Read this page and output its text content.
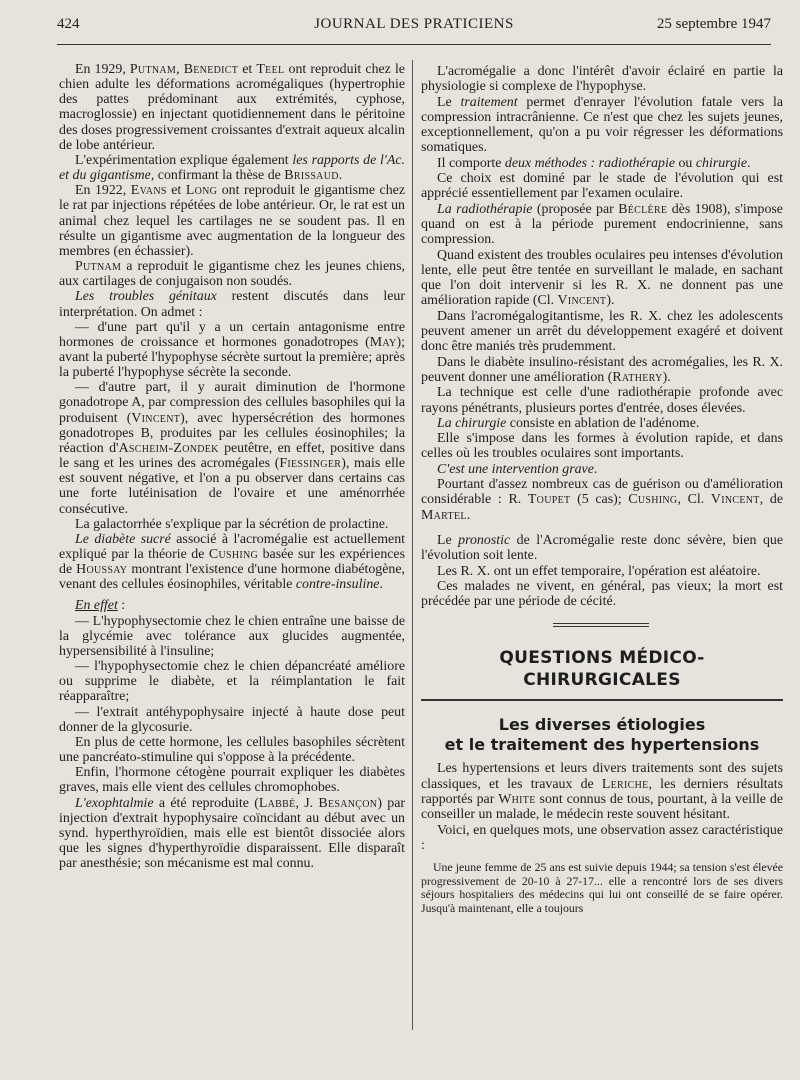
424	JOURNAL DES PRATICIENS	25 septembre 1947

En 1929, Putnam, Benedict et Teel ont reproduit chez le chien adulte les déformations acromégaliques (hypertrophie des pattes prédominant aux extrémités, cyphose, macroglossie) en injectant quotidiennement dans le péritoine des doses progressivement croissantes d'extrait aqueux alcalin de lobe antérieur.

L'expérimentation explique également les rapports de l'Ac. et du gigantisme, confirmant la thèse de Brissaud.

En 1922, Evans et Long ont reproduit le gigantisme chez le rat par injections répétées de lobe antérieur. Or, le rat est un animal chez lequel les cartilages ne se soudent pas. Il en résulte un gigantisme avec augmentation de la longueur des membres (en échassier).

Putnam a reproduit le gigantisme chez les jeunes chiens, aux cartilages de conjugaison non soudés.

Les troubles génitaux restent discutés dans leur interprétation. On admet :

— d'une part qu'il y a un certain antagonisme entre hormones de croissance et hormones gonadotropes (May); avant la puberté l'hypophyse sécrète surtout la première; après la puberté l'hypophyse sécrète la seconde.

— d'autre part, il y aurait diminution de l'hormone gonadotrope A, par compression des cellules basophiles qui la produisent (Vincent), avec hypersécrétion des hormones gonadotropes B, produites par les cellules éosinophiles; la réaction d'Ascheim-Zondek peutêtre, en effet, positive dans le sang et les urines des acromégales (Fiessinger), mais elle est souvent négative, et l'on a pu observer dans certains cas une forte lutéinisation de l'ovaire et une aménorrhée consécutive.

La galactorrhée s'explique par la sécrétion de prolactine.

Le diabète sucré associé à l'acromégalie est actuellement expliqué par la théorie de Cushing basée sur les expériences de Houssay montrant l'existence d'une hormone diabétogène, venant des cellules éosinophiles, véritable contre-insuline.

En effet :

— L'hypophysectomie chez le chien entraîne une baisse de la glycémie avec tolérance aux glucides augmentée, hypersensibilité à l'insuline;

— l'hypophysectomie chez le chien dépancréaté améliore ou supprime le diabète, et la réimplantation le fait réapparaître;

— l'extrait antéhypophysaire injecté à haute dose peut donner de la glycosurie.

En plus de cette hormone, les cellules basophiles sécrètent une pancréato-stimuline qui s'oppose à la précédente.

Enfin, l'hormone cétogène pourrait expliquer les diabètes graves, mais elle vient des cellules chromophobes.

L'exophtalmie a été reproduite (Labbé, J. Besançon) par injection d'extrait hypophysaire coïncidant au début avec un synd. hyperthyroïdien, mais elle est bientôt dissociée alors que les signes d'hyperthyroïdie disparaissent. Elle disparaît par anesthésie; son mécanisme est mal connu.

L'acromégalie a donc l'intérêt d'avoir éclairé en partie la physiologie si complexe de l'hypophyse.

Le traitement permet d'enrayer l'évolution fatale vers la compression intracrânienne. Ce n'est que chez les sujets jeunes, exceptionnellement, qu'on a pu voir régresser les déformations somatiques.

Il comporte deux méthodes : radiothérapie ou chirurgie.

Ce choix est dominé par le stade de l'évolution qui est apprécié essentiellement par l'examen oculaire.

La radiothérapie (proposée par Béclère dès 1908), s'impose quand on est à la période purement endocrinienne, sans compression.

Quand existent des troubles oculaires peu intenses d'évolution lente, elle peut être tentée en surveillant le malade, en sachant que l'on doit intervenir si les R. X. ne donnent pas une amélioration rapide (Cl. Vincent).

Dans l'acromégalogitantisme, les R. X. chez les adolescents peuvent amener un arrêt du développement exagéré et doivent donc être maniés très prudemment.

Dans le diabète insulino-résistant des acromégalies, les R. X. peuvent donner une amélioration (Rathery).

La technique est celle d'une radiothérapie profonde avec rayons pénétrants, plusieurs portes d'entrée, doses élevées.

La chirurgie consiste en ablation de l'adénome.

Elle s'impose dans les formes à évolution rapide, et dans celles où les troubles oculaires sont importants.

C'est une intervention grave.

Pourtant d'assez nombreux cas de guérison ou d'amélioration considérable : R. Toupet (5 cas); Cushing, Cl. Vincent, de Martel.

Le pronostic de l'Acromégalie reste donc sévère, bien que l'évolution soit lente.

Les R. X. ont un effet temporaire, l'opération est aléatoire.

Ces malades ne vivent, en général, pas vieux; la mort est précédée par une période de cécité.

QUESTIONS MÉDICO-CHIRURGICALES
Les diverses étiologies
et le traitement des hypertensions

Les hypertensions et leurs divers traitements sont des sujets classiques, et les travaux de Leriche, les derniers résultats rapportés par White sont connus de tous, pourtant, à la veille de conseiller un malade, le médecin reste souvent hésitant.

Voici, en quelques mots, une observation assez caractéristique :

Une jeune femme de 25 ans est suivie depuis 1944; sa tension s'est élevée progressivement de 20-10 à 27-17... elle a rencontré lors de ses divers séjours hospitaliers des médecins qui lui ont conseillé de se faire opérer. Jusqu'à maintenant, elle a toujours
